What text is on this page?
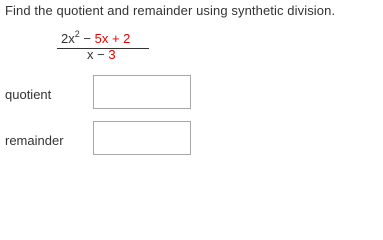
Find the quotient and remainder using synthetic division.
$2x^2 - 5x + 2$
x − 3
quotient
remainder
